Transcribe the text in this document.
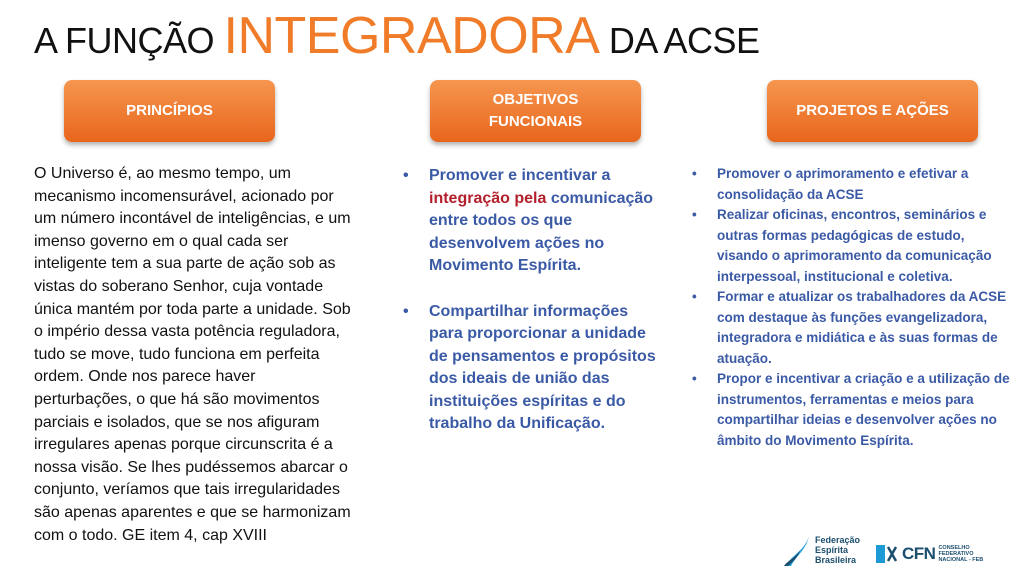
A FUNÇÃO INTEGRADORA DA ACSE
PRINCÍPIOS
OBJETIVOS
FUNCIONAIS
PROJETOS E AÇÕES

O Universo é, ao mesmo tempo, um mecanismo incomensurável, acionado por um número incontável de inteligências, e um imenso governo em o qual cada ser inteligente tem a sua parte de ação sob as vistas do soberano Senhor, cuja vontade única mantém por toda parte a unidade. Sob o império dessa vasta potência reguladora, tudo se move, tudo funciona em perfeita ordem. Onde nos parece haver perturbações, o que há são movimentos parciais e isolados, que se nos afiguram irregulares apenas porque circunscrita é a nossa visão. Se lhes pudéssemos abarcar o conjunto, veríamos que tais irregularidades são apenas aparentes e que se harmonizam com o todo. GE item 4, cap XVIII

• Promover e incentivar a integração pela comunicação entre todos os que desenvolvem ações no Movimento Espírita.
• Compartilhar informações para proporcionar a unidade de pensamentos e propósitos dos ideais de união das instituições espíritas e do trabalho da Unificação.
• Promover o aprimoramento e efetivar a consolidação da ACSE
• Realizar oficinas, encontros, seminários e outras formas pedagógicas de estudo, visando o aprimoramento da comunicação interpessoal, institucional e coletiva.
• Formar e atualizar os trabalhadores da ACSE com destaque às funções evangelizadora, integradora e midiática e às suas formas de atuação.
• Propor e incentivar a criação e a utilização de instrumentos, ferramentas e meios para compartilhar ideias e desenvolver ações no âmbito do Movimento Espírita.
Federação
Espírita
Brasileira	CFN CONSELHO
FEDERATIVO
NACIONAL - FEB
